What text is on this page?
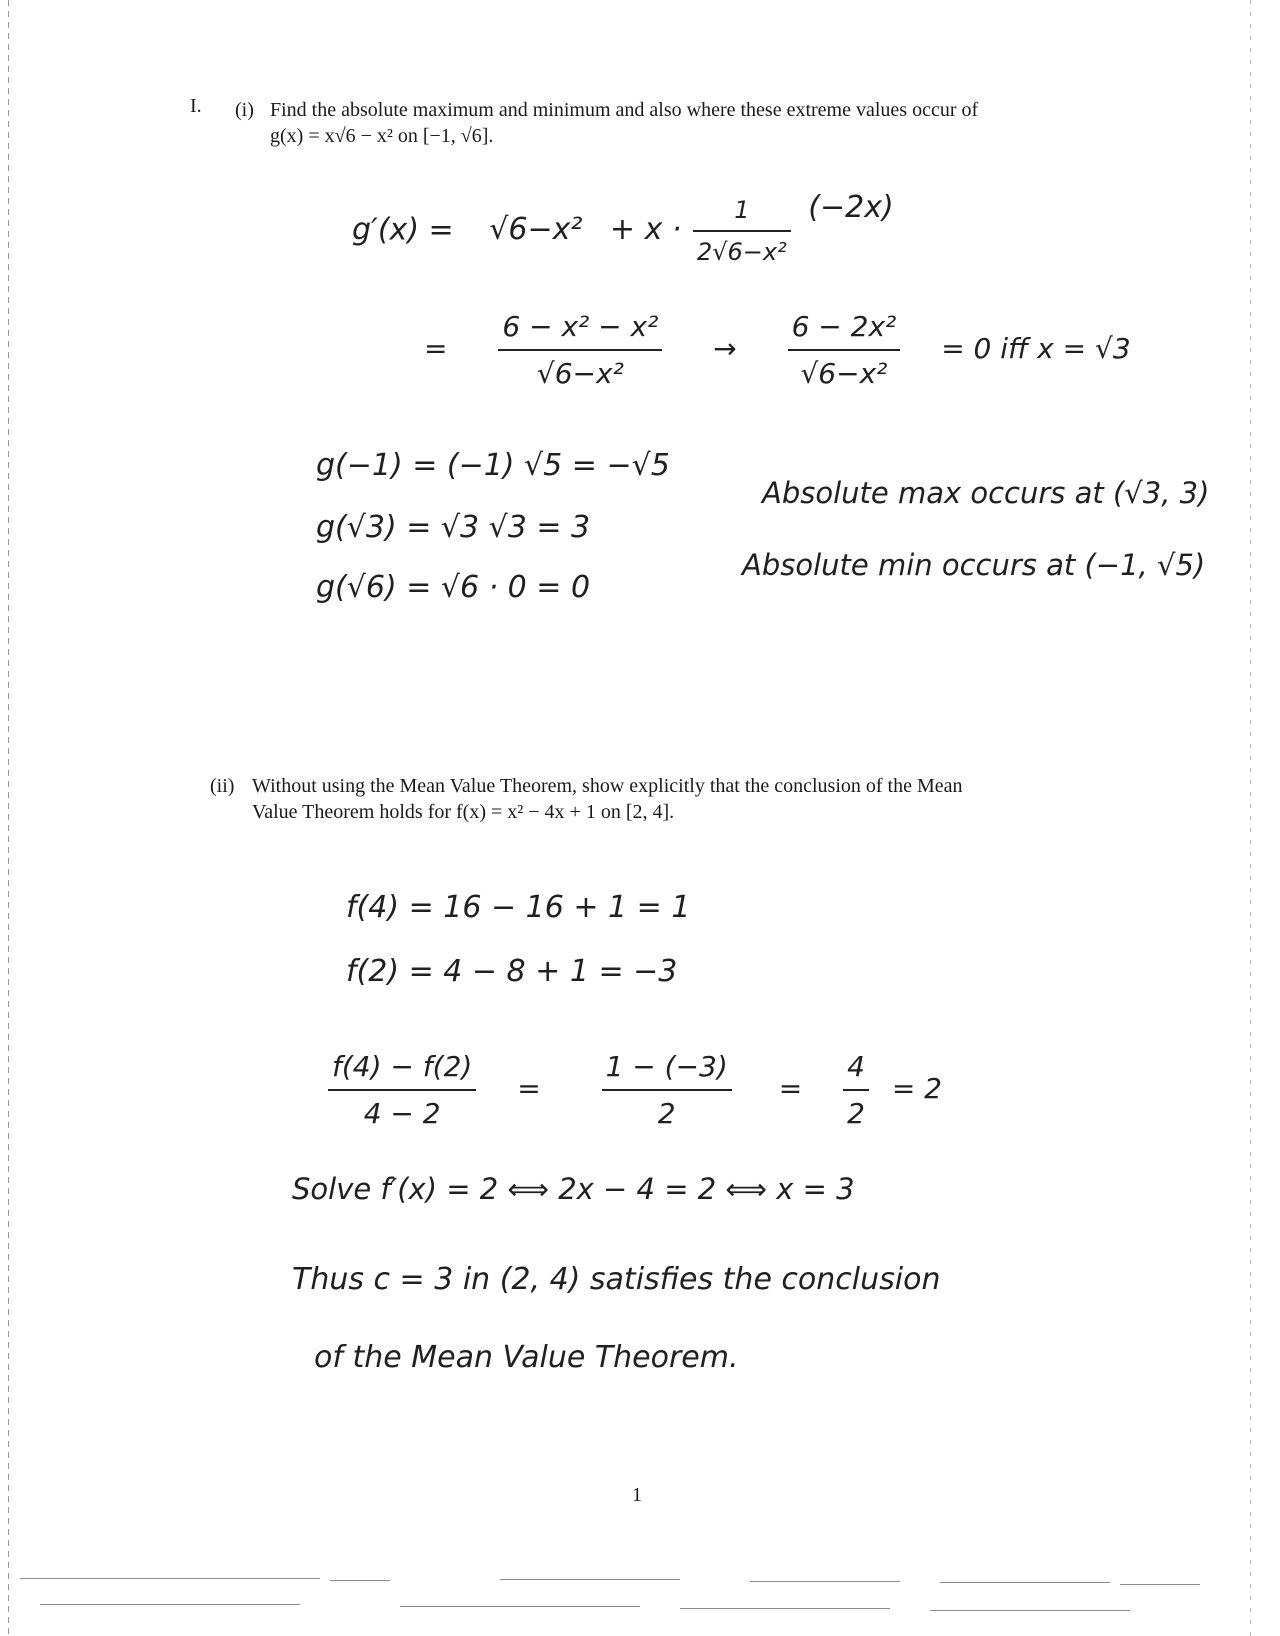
I. (i) Find the absolute maximum and minimum and also where these extreme values occur of
g(x) = x√6 − x² on [−1, √6].
$g'(x) = √6-x^2 + x \cdot \frac{1}{\text{2√6−x²}} (-2x)$
= $\frac{\text{6 − x² − x²}}{\text{√6−x²}} \to \frac{\text{6 − 2x²}}{\text{√6−x²}} = 0$ iff x = √3
g(−1) = (−1) √5 = −√5
g(√3) = √3 √3 = 3
g(√6) = √6 · 0 = 0
Absolute max occurs at (√3, 3)
Absolute min occurs at (−1, √5)
(ii) Without using the Mean Value Theorem, show explicitly that the conclusion of the Mean
Value Theorem holds for f(x) = x² − 4x + 1 on [2, 4].
f(4) = 16 − 16 + 1 = 1
f(2) = 4 − 8 + 1 = −3
$\frac{f(4) - f(2)}{4 - 2} = \frac{1 - (-3)}{2} = \frac{4}{2} = 2$
Solve f′(x) = 2 ⟺ 2x − 4 = 2 ⟺ x = 3
Thus c = 3 in (2, 4) satisfies the conclusion
of the Mean Value Theorem.
1
